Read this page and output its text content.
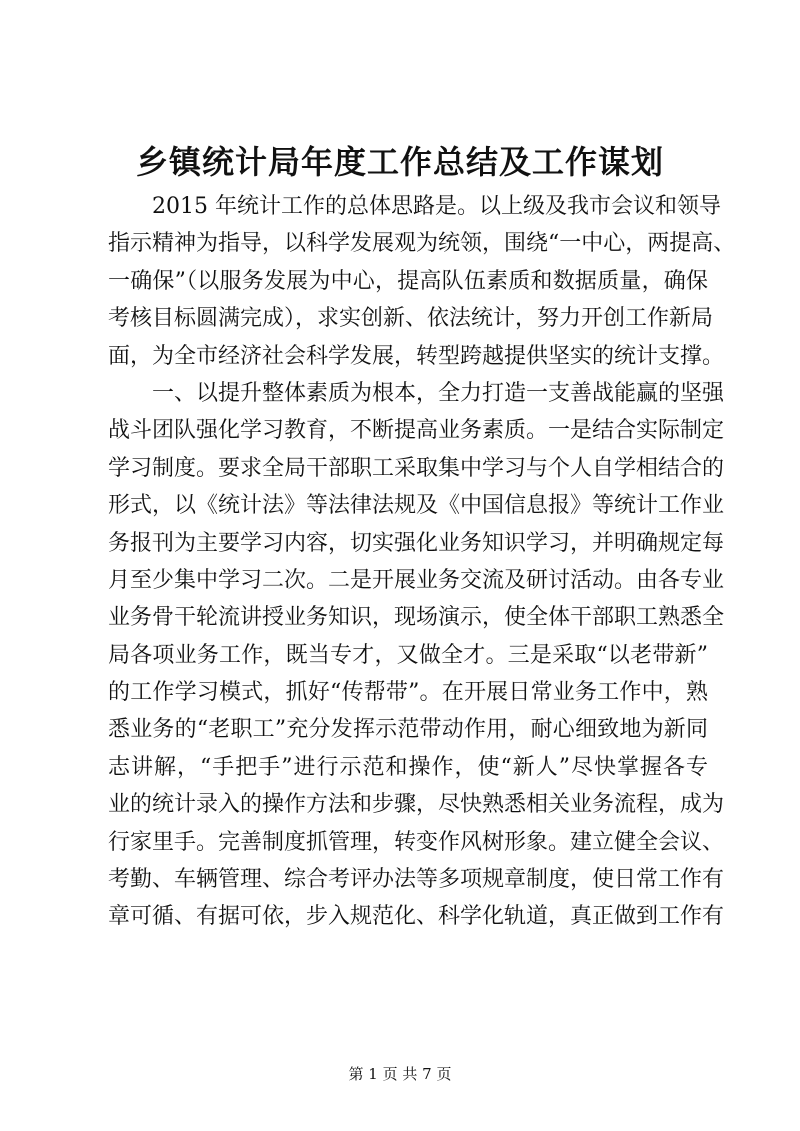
乡镇统计局年度工作总结及工作谋划
2015 年统计工作的总体思路是。以上级及我市会议和领导
指示精神为指导，以科学发展观为统领，围绕“一中心，两提高、
一确保”（以服务发展为中心，提高队伍素质和数据质量，确保
考核目标圆满完成），求实创新、依法统计，努力开创工作新局
面，为全市经济社会科学发展，转型跨越提供坚实的统计支撑。
一、以提升整体素质为根本，全力打造一支善战能赢的坚强
战斗团队强化学习教育，不断提高业务素质。一是结合实际制定
学习制度。要求全局干部职工采取集中学习与个人自学相结合的
形式，以《统计法》等法律法规及《中国信息报》等统计工作业
务报刊为主要学习内容，切实强化业务知识学习，并明确规定每
月至少集中学习二次。二是开展业务交流及研讨活动。由各专业
业务骨干轮流讲授业务知识，现场演示，使全体干部职工熟悉全
局各项业务工作，既当专才，又做全才。三是采取“以老带新”
的工作学习模式，抓好“传帮带”。在开展日常业务工作中，熟
悉业务的“老职工”充分发挥示范带动作用，耐心细致地为新同
志讲解，“手把手”进行示范和操作，使“新人”尽快掌握各专
业的统计录入的操作方法和步骤，尽快熟悉相关业务流程，成为
行家里手。完善制度抓管理，转变作风树形象。建立健全会议、
考勤、车辆管理、综合考评办法等多项规章制度，使日常工作有
章可循、有据可依，步入规范化、科学化轨道，真正做到工作有
第 1 页 共 7 页
